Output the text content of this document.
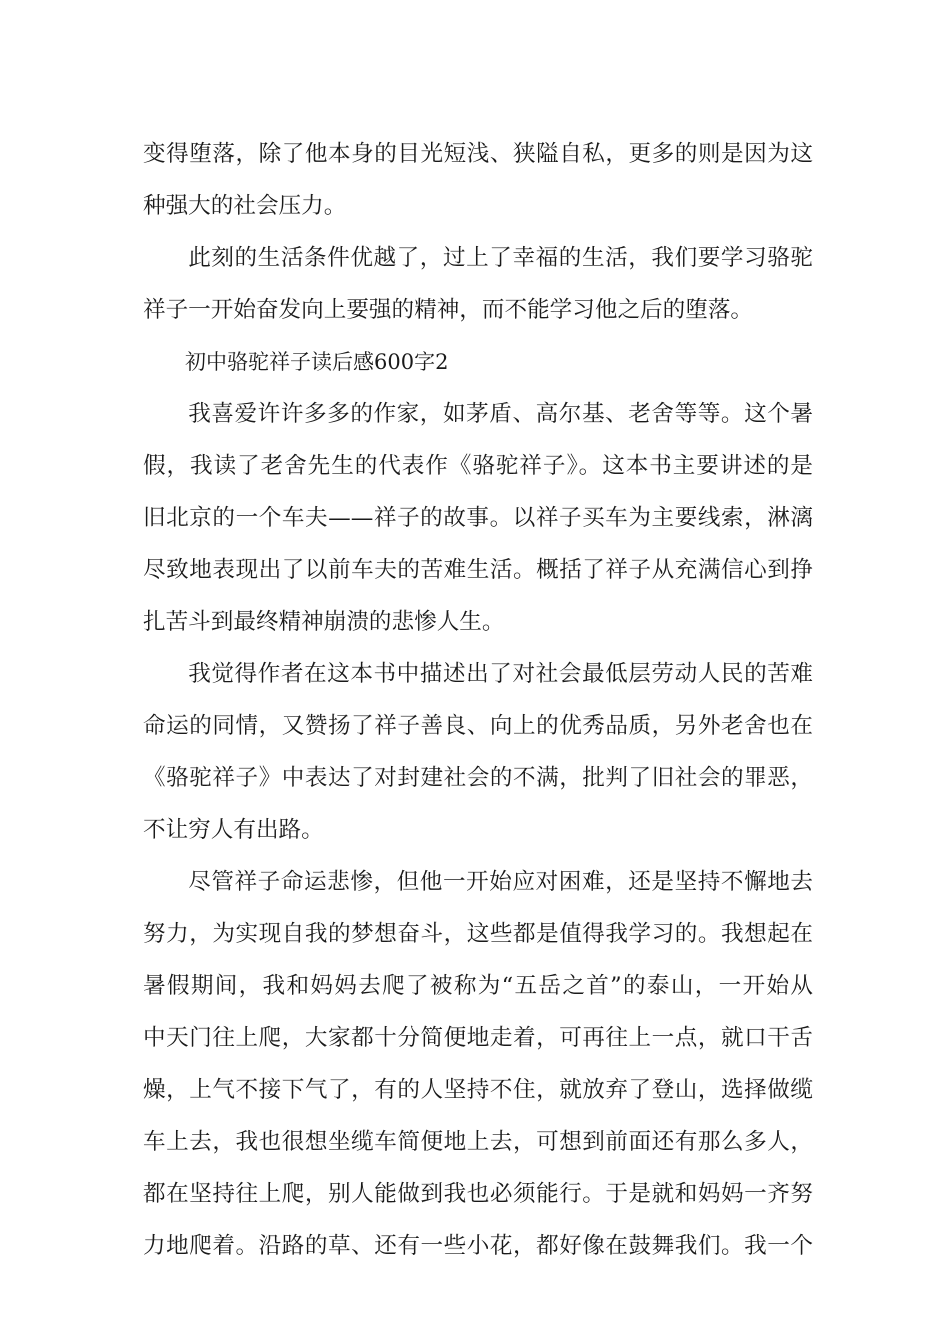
变得堕落，除了他本身的目光短浅、狭隘自私，更多的则是因为这
种强大的社会压力。
此刻的生活条件优越了，过上了幸福的生活，我们要学习骆驼
祥子一开始奋发向上要强的精神，而不能学习他之后的堕落。
初中骆驼祥子读后感600字2
我喜爱许许多多的作家，如茅盾、高尔基、老舍等等。这个暑
假，我读了老舍先生的代表作《骆驼祥子》。这本书主要讲述的是
旧北京的一个车夫——祥子的故事。以祥子买车为主要线索，淋漓
尽致地表现出了以前车夫的苦难生活。概括了祥子从充满信心到挣
扎苦斗到最终精神崩溃的悲惨人生。
我觉得作者在这本书中描述出了对社会最低层劳动人民的苦难
命运的同情，又赞扬了祥子善良、向上的优秀品质，另外老舍也在
《骆驼祥子》中表达了对封建社会的不满，批判了旧社会的罪恶，
不让穷人有出路。
尽管祥子命运悲惨，但他一开始应对困难，还是坚持不懈地去
努力，为实现自我的梦想奋斗，这些都是值得我学习的。我想起在
暑假期间，我和妈妈去爬了被称为“五岳之首”的泰山，一开始从
中天门往上爬，大家都十分简便地走着，可再往上一点，就口干舌
燥，上气不接下气了，有的人坚持不住，就放弃了登山，选择做缆
车上去，我也很想坐缆车简便地上去，可想到前面还有那么多人，
都在坚持往上爬，别人能做到我也必须能行。于是就和妈妈一齐努
力地爬着。沿路的草、还有一些小花，都好像在鼓舞我们。我一个
